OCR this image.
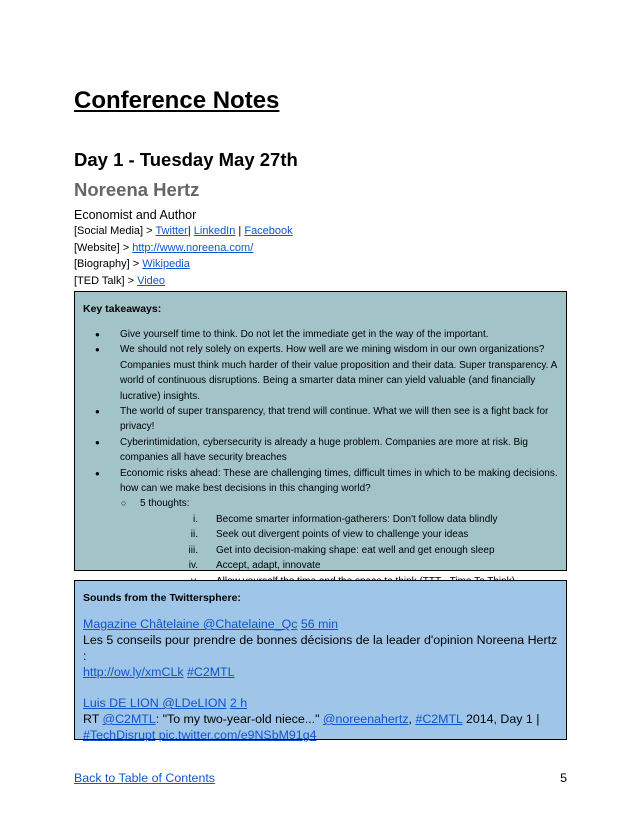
Conference Notes
Day 1 - Tuesday May 27th
Noreena Hertz
Economist and Author
[Social Media] > Twitter| LinkedIn | Facebook
[Website] > http://www.noreena.com/
[Biography] > Wikipedia
[TED Talk] > Video
Key takeaways:
● Give yourself time to think. Do not let the immediate get in the way of the important.
● We should not rely solely on experts. How well are we mining wisdom in our own organizations? Companies must think much harder of their value proposition and their data. Super transparency. A world of continuous disruptions. Being a smarter data miner can yield valuable (and financially lucrative) insights.
● The world of super transparency, that trend will continue. What we will then see is a fight back for privacy!
● Cyberintimidation, cybersecurity is already a huge problem. Companies are more at risk. Big companies all have security breaches
● Economic risks ahead: These are challenging times, difficult times in which to be making decisions. how can we make best decisions in this changing world?
○ 5 thoughts:
i. Become smarter information-gatherers: Don't follow data blindly
ii. Seek out divergent points of view to challenge your ideas
iii. Get into decision-making shape: eat well and get enough sleep
iv. Accept, adapt, innovate
Sounds from the Twittersphere:
Magazine Châtelaine @Chatelaine_Qc 56 min
Les 5 conseils pour prendre de bonnes décisions de la leader d'opinion Noreena Hertz :
http://ow.ly/xmCLk #C2MTL
Luis DE LION @LDeLION 2 h
RT @C2MTL: "To my two-year-old niece..." @noreenahertz, #C2MTL 2014, Day 1 |
#TechDisrupt pic.twitter.com/e9NSbM91g4
Back to Table of Contents	5
